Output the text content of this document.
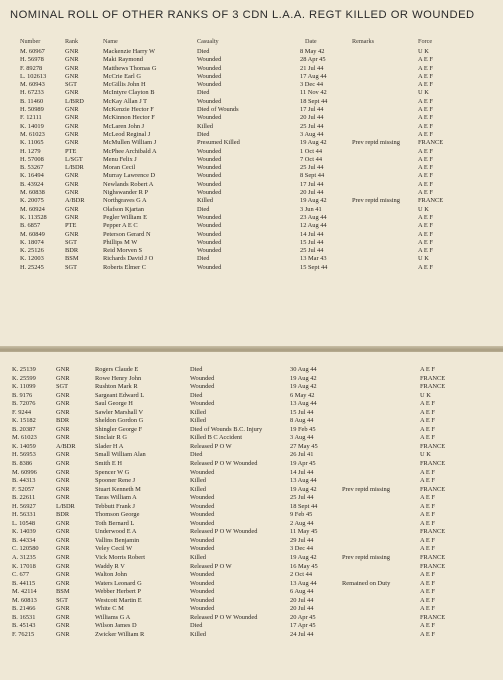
NOMINAL ROLL OF OTHER RANKS OF 3 CDN L.A.A. REGT KILLED OR WOUNDED
Number	Rank	Name	Casualty	Date	Remarks	Force
M. 60967	GNR	Mackenzie Harry W	Died	8 May 42	U K
H. 56978	GNR	Maki Raymond	Wounded	28 Apr 45	A E F
F. 89278	GNR	Matthews Thomas G	Wounded	21 Jul 44	A E F
L. 102613	GNR	McCrie Earl G	Wounded	17 Aug 44	A E F
M. 60943	SGT	McGillis John H	Wounded	3 Dec 44	A E F
H. 67233	GNR	McIntyre Clayton B	Died	11 Nov 42	U K
B. 11460	L/BRD	McKay Allan J T	Wounded	18 Sept 44	A E F
H. 50989	GNR	McKenzie Hector F	Died of Wounds	17 Jul 44	A E F
F. 12111	GNR	McKinnon Hector F	Wounded	20 Jul 44	A E F
K. 14019	GNR	McLaren John J	Killed	25 Jul 44	A E F
M. 61023	GNR	McLeod Reginal J	Died	3 Aug 44	A E F
K. 11065	GNR	McMullen William J	Presumed Killed	19 Aug 42	Prev reptd missing	FRANCE
H. 1279	PTE	McPhee Archibald A	Wounded	1 Oct 44	A E F
H. 57008	L/SGT	Menu Felix J	Wounded	7 Oct 44	A E F
B. 53267	L/BDR	Moran Cecil	Wounded	25 Jul 44	A E F
K. 16494	GNR	Murray Lawrence D	Wounded	8 Sept 44	A E F
B. 43924	GNR	Newlands Robert A	Wounded	17 Jul 44	A E F
M. 60838	GNR	Nighswander R P	Wounded	20 Jul 44	A E F
K. 20075	A/BDR	Northgraves G A	Killed	19 Aug 42	Prev reptd missing	FRANCE
M. 60924	GNR	Olafson Kjartan	Died	3 Jun 41	U K
K. 113528	GNR	Pegler William E	Wounded	23 Aug 44	A E F
B. 6857	PTE	Pepper A E C	Wounded	12 Aug 44	A E F
M. 60849	GNR	Peterson Gerard N	Wounded	14 Jul 44	A E F
K. 18074	SGT	Phillips M W	Wounded	15 Jul 44	A E F
K. 25126	BDR	Reid Morven S	Wounded	25 Jul 44	A E F
K. 12003	BSM	Richards David J O	Died	13 Mar 43	U K
H. 25245	SGT	Roberts Elmer C	Wounded	15 Sept 44	A E F
K. 25139	GNR	Rogers Claude E	Died	30 Aug 44	A E F
K. 25599	GNR	Rowe Henry John	Wounded	19 Aug 42	FRANCE
K. 11099	SGT	Rushton Mark R	Wounded	19 Aug 42	FRANCE
B. 9176	GNR	Sargeant Edward L	Died	6 May 42	U K
B. 72076	GNR	Saul George H	Wounded	13 Aug 44	A E F
F. 9244	GNR	Sawler Marshall V	Killed	15 Jul 44	A E F
K. 15182	BDR	Sheldon Gordon G	Killed	8 Aug 44	A E F
B. 20387	GNR	Shingler George F	Died of Wounds B.C. Injury	19 Feb 45	A E F
M. 61023	GNR	Sinclair R G	Killed B C Accident	3 Aug 44	A E F
K. 14059	A/BDR	Slader H A	Released P O W	27 May 45	FRANCE
H. 56953	GNR	Small William Alan	Died	26 Jul 41	U K
B. 8386	GNR	Smith E H	Released P O W Wounded	19 Apr 45	FRANCE
M. 60996	GNR	Spencer W G	Wounded	14 Jul 44	A E F
B. 44313	GNR	Spooner Rene J	Killed	13 Aug 44	A E F
F. 52057	GNR	Stuart Kenneth M	Killed	19 Aug 42	Prev reptd missing	FRANCE
B. 22611	GNR	Taras William A	Wounded	25 Jul 44	A E F
H. 56927	L/BDR	Tebbutt Frank J	Wounded	18 Sept 44	A E F
H. 56331	BDR	Thomson George	Wounded	9 Feb 45	A E F
L. 10548	GNR	Toth Bernard L	Wounded	2 Aug 44	A E F
K. 14039	GNR	Underwood E A	Released P O W Wounded	11 May 45	FRANCE
B. 44334	GNR	Vallins Benjamin	Wounded	29 Jul 44	A E F
C. 120580	GNR	Veley Cecil W	Wounded	3 Dec 44	A E F
A. 31235	GNR	Vick Morris Robert	Killed	19 Aug 42	Prev reptd missing	FRANCE
K. 17018	GNR	Waddy R V	Released P O W	16 May 45	FRANCE
C. 677	GNR	Walton John	Wounded	2 Oct 44	A E F
B. 44115	GNR	Waters Leonard G	Wounded	13 Aug 44	Remained on Duty	A E F
M. 42114	BSM	Webber Herbert P	Wounded	6 Aug 44	A E F
M. 60813	SGT	Westcott Martin E	Wounded	20 Jul 44	A E F
B. 21466	GNR	White C M	Wounded	20 Jul 44	A E F
B. 16531	GNR	Williams G A	Released P O W Wounded	20 Apr 45	FRANCE
B. 45143	GNR	Wilson James D	Died	17 Apr 45	A E F
F. 76215	GNR	Zwicker William R	Killed	24 Jul 44	A E F
